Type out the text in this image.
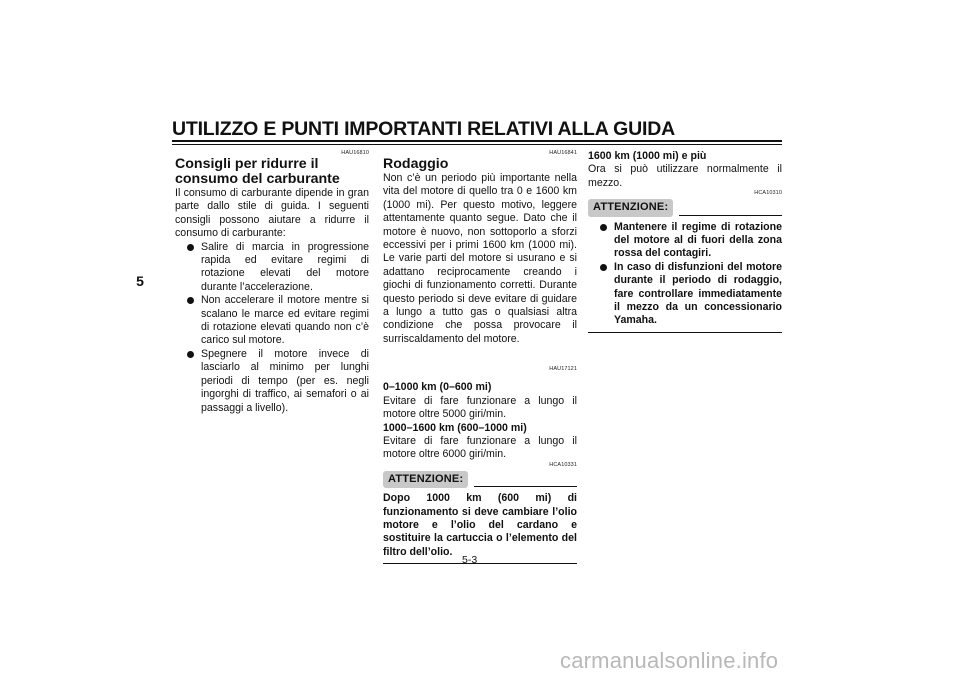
UTILIZZO E PUNTI IMPORTANTI RELATIVI ALLA GUIDA
5
HAU16810
Consigli per ridurre il consumo del carburante
Il consumo di carburante dipende in gran parte dallo stile di guida. I seguenti consigli possono aiutare a ridurre il consumo di carburante:
Salire di marcia in progressione rapida ed evitare regimi di rotazione elevati del motore durante l’accelerazione.
Non accelerare il motore mentre si scalano le marce ed evitare regimi di rotazione elevati quando non c’è carico sul motore.
Spegnere il motore invece di lasciarlo al minimo per lunghi periodi di tempo (per es. negli ingorghi di traffico, ai semafori o ai passaggi a livello).
HAU16841
Rodaggio
Non c’è un periodo più importante nella vita del motore di quello tra 0 e 1600 km (1000 mi). Per questo motivo, leggere attentamente quanto segue. Dato che il motore è nuovo, non sottoporlo a sforzi eccessivi per i primi 1600 km (1000 mi). Le varie parti del motore si usurano e si adattano reciprocamente creando i giochi di funzionamento corretti. Durante questo periodo si deve evitare di guidare a lungo a tutto gas o qualsiasi altra condizione che possa provocare il surriscaldamento del motore.
HAU17121
0–1000 km (0–600 mi)
Evitare di fare funzionare a lungo il motore oltre 5000 giri/min.
1000–1600 km (600–1000 mi)
Evitare di fare funzionare a lungo il motore oltre 6000 giri/min.
HCA10331
ATTENZIONE:
Dopo 1000 km (600 mi) di funzionamento si deve cambiare l’olio motore e l’olio del cardano e sostituire la cartuccia o l’elemento del filtro dell’olio.
1600 km (1000 mi) e più
Ora si può utilizzare normalmente il mezzo.
HCA10310
ATTENZIONE:
Mantenere il regime di rotazione del motore al di fuori della zona rossa del contagiri.
In caso di disfunzioni del motore durante il periodo di rodaggio, fare controllare immediatamente il mezzo da un concessionario Yamaha.
5-3
carmanualsonline.info
